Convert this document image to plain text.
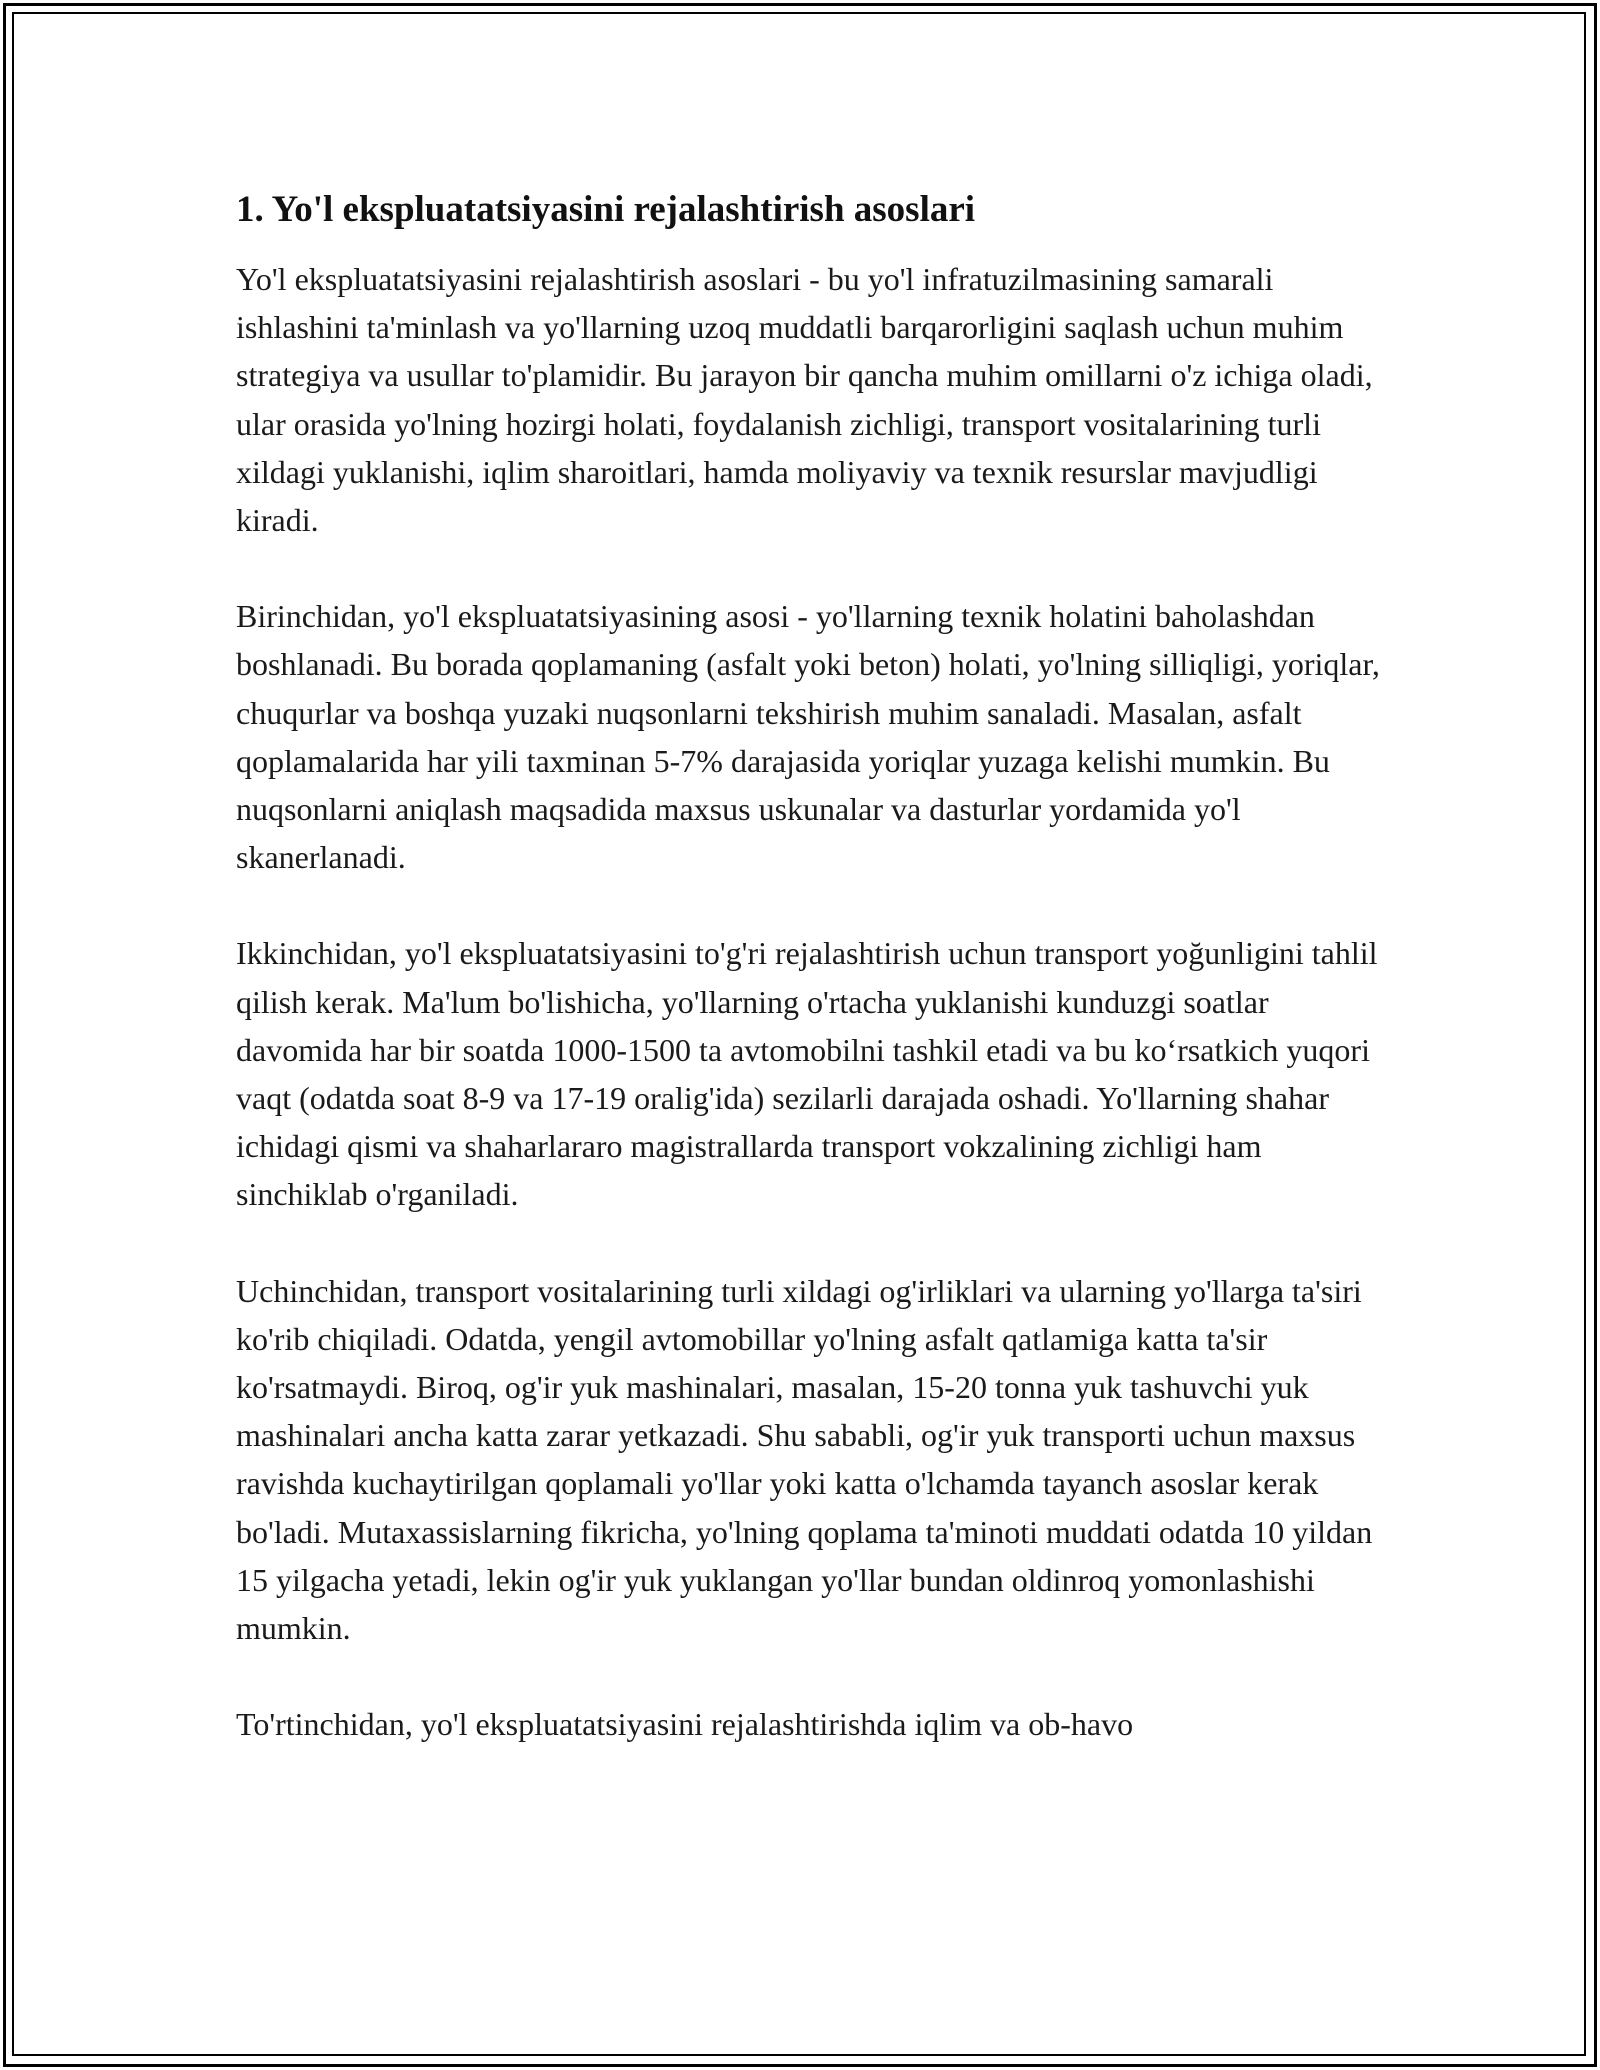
1. Yo'l ekspluatatsiyasini rejalashtirish asoslari

Yo'l ekspluatatsiyasini rejalashtirish asoslari - bu yo'l infratuzilmasining samarali ishlashini ta'minlash va yo'llarning uzoq muddatli barqarorligini saqlash uchun muhim strategiya va usullar to'plamidir. Bu jarayon bir qancha muhim omillarni o'z ichiga oladi, ular orasida yo'lning hozirgi holati, foydalanish zichligi, transport vositalarining turli xildagi yuklanishi, iqlim sharoitlari, hamda moliyaviy va texnik resurslar mavjudligi kiradi.

Birinchidan, yo'l ekspluatatsiyasining asosi - yo'llarning texnik holatini baholashdan boshlanadi. Bu borada qoplamaning (asfalt yoki beton) holati, yo'lning silliqligi, yoriqlar, chuqurlar va boshqa yuzaki nuqsonlarni tekshirish muhim sanaladi. Masalan, asfalt qoplamalarida har yili taxminan 5-7% darajasida yoriqlar yuzaga kelishi mumkin. Bu nuqsonlarni aniqlash maqsadida maxsus uskunalar va dasturlar yordamida yo'l skanerlanadi.

Ikkinchidan, yo'l ekspluatatsiyasini to'g'ri rejalashtirish uchun transport yoğunligini tahlil qilish kerak. Ma'lum bo'lishicha, yo'llarning o'rtacha yuklanishi kunduzgi soatlar davomida har bir soatda 1000-1500 ta avtomobilni tashkil etadi va bu ko‘rsatkich yuqori vaqt (odatda soat 8-9 va 17-19 oralig'ida) sezilarli darajada oshadi. Yo'llarning shahar ichidagi qismi va shaharlararo magistrallarda transport vokzalining zichligi ham sinchiklab o'rganiladi.

Uchinchidan, transport vositalarining turli xildagi og'irliklari va ularning yo'llarga ta'siri ko'rib chiqiladi. Odatda, yengil avtomobillar yo'lning asfalt qatlamiga katta ta'sir ko'rsatmaydi. Biroq, og'ir yuk mashinalari, masalan, 15-20 tonna yuk tashuvchi yuk mashinalari ancha katta zarar yetkazadi. Shu sababli, og'ir yuk transporti uchun maxsus ravishda kuchaytirilgan qoplamali yo'llar yoki katta o'lchamda tayanch asoslar kerak bo'ladi. Mutaxassislarning fikricha, yo'lning qoplama ta'minoti muddati odatda 10 yildan 15 yilgacha yetadi, lekin og'ir yuk yuklangan yo'llar bundan oldinroq yomonlashishi mumkin.

To'rtinchidan, yo'l ekspluatatsiyasini rejalashtirishda iqlim va ob-havo
